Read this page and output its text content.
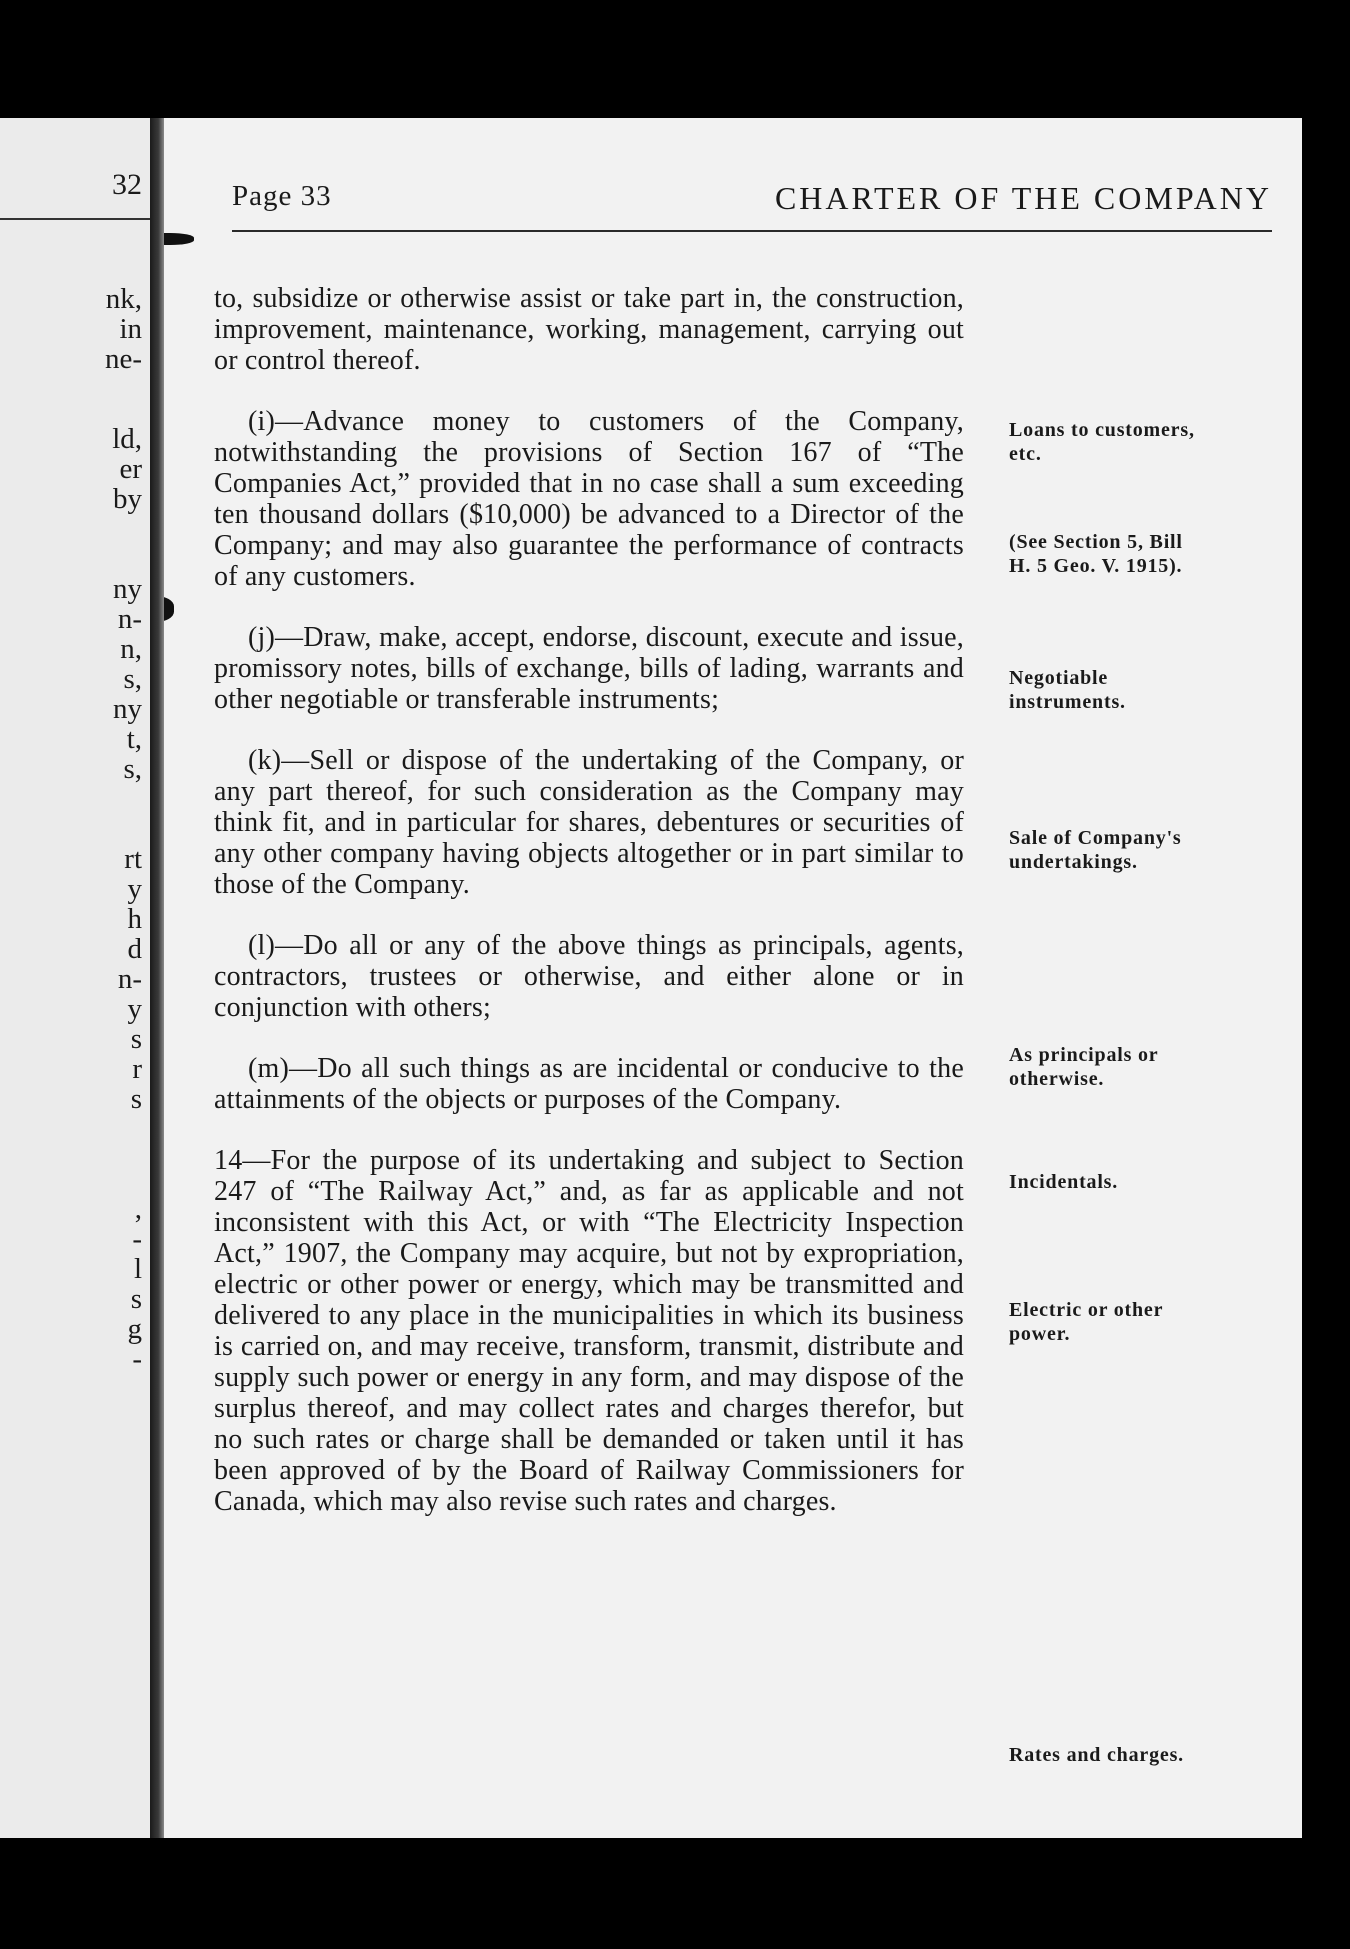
32
nk,
in
ne-
ld,
er
by
ny
n-
n,
s,
ny
t,
s,
rt
y
h
d
n-
y
s
r
s
,
-
l
s
g
-
Page 33	CHARTER OF THE COMPANY

to, subsidize or otherwise assist or take part in, the construction, improvement, maintenance, working, management, carrying out or control thereof.

(i)—Advance money to customers of the Company, notwithstanding the provisions of Section 167 of “The Companies Act,” provided that in no case shall a sum exceeding ten thousand dollars ($10,000) be advanced to a Director of the Company; and may also guarantee the performance of contracts of any customers.

(j)—Draw, make, accept, endorse, discount, execute and issue, promissory notes, bills of exchange, bills of lading, warrants and other negotiable or transferable instruments;

(k)—Sell or dispose of the undertaking of the Company, or any part thereof, for such consideration as the Company may think fit, and in particular for shares, debentures or securities of any other company having objects altogether or in part similar to those of the Company.

(l)—Do all or any of the above things as principals, agents, contractors, trustees or otherwise, and either alone or in conjunction with others;

(m)—Do all such things as are incidental or conducive to the attainments of the objects or purposes of the Company.

14—For the purpose of its undertaking and subject to Section 247 of “The Railway Act,” and, as far as applicable and not inconsistent with this Act, or with “The Electricity Inspection Act,” 1907, the Company may acquire, but not by expropriation, electric or other power or energy, which may be transmitted and delivered to any place in the municipalities in which its business is carried on, and may receive, transform, transmit, distribute and supply such power or energy in any form, and may dispose of the surplus thereof, and may collect rates and charges therefor, but no such rates or charge shall be demanded or taken until it has been approved of by the Board of Railway Commissioners for Canada, which may also revise such rates and charges.

Loans to customers, etc.
(See Section 5, Bill H. 5 Geo. V. 1915).
Negotiable instruments.
Sale of Company's undertakings.
As principals or otherwise.
Incidentals.
Electric or other power.
Rates and charges.
